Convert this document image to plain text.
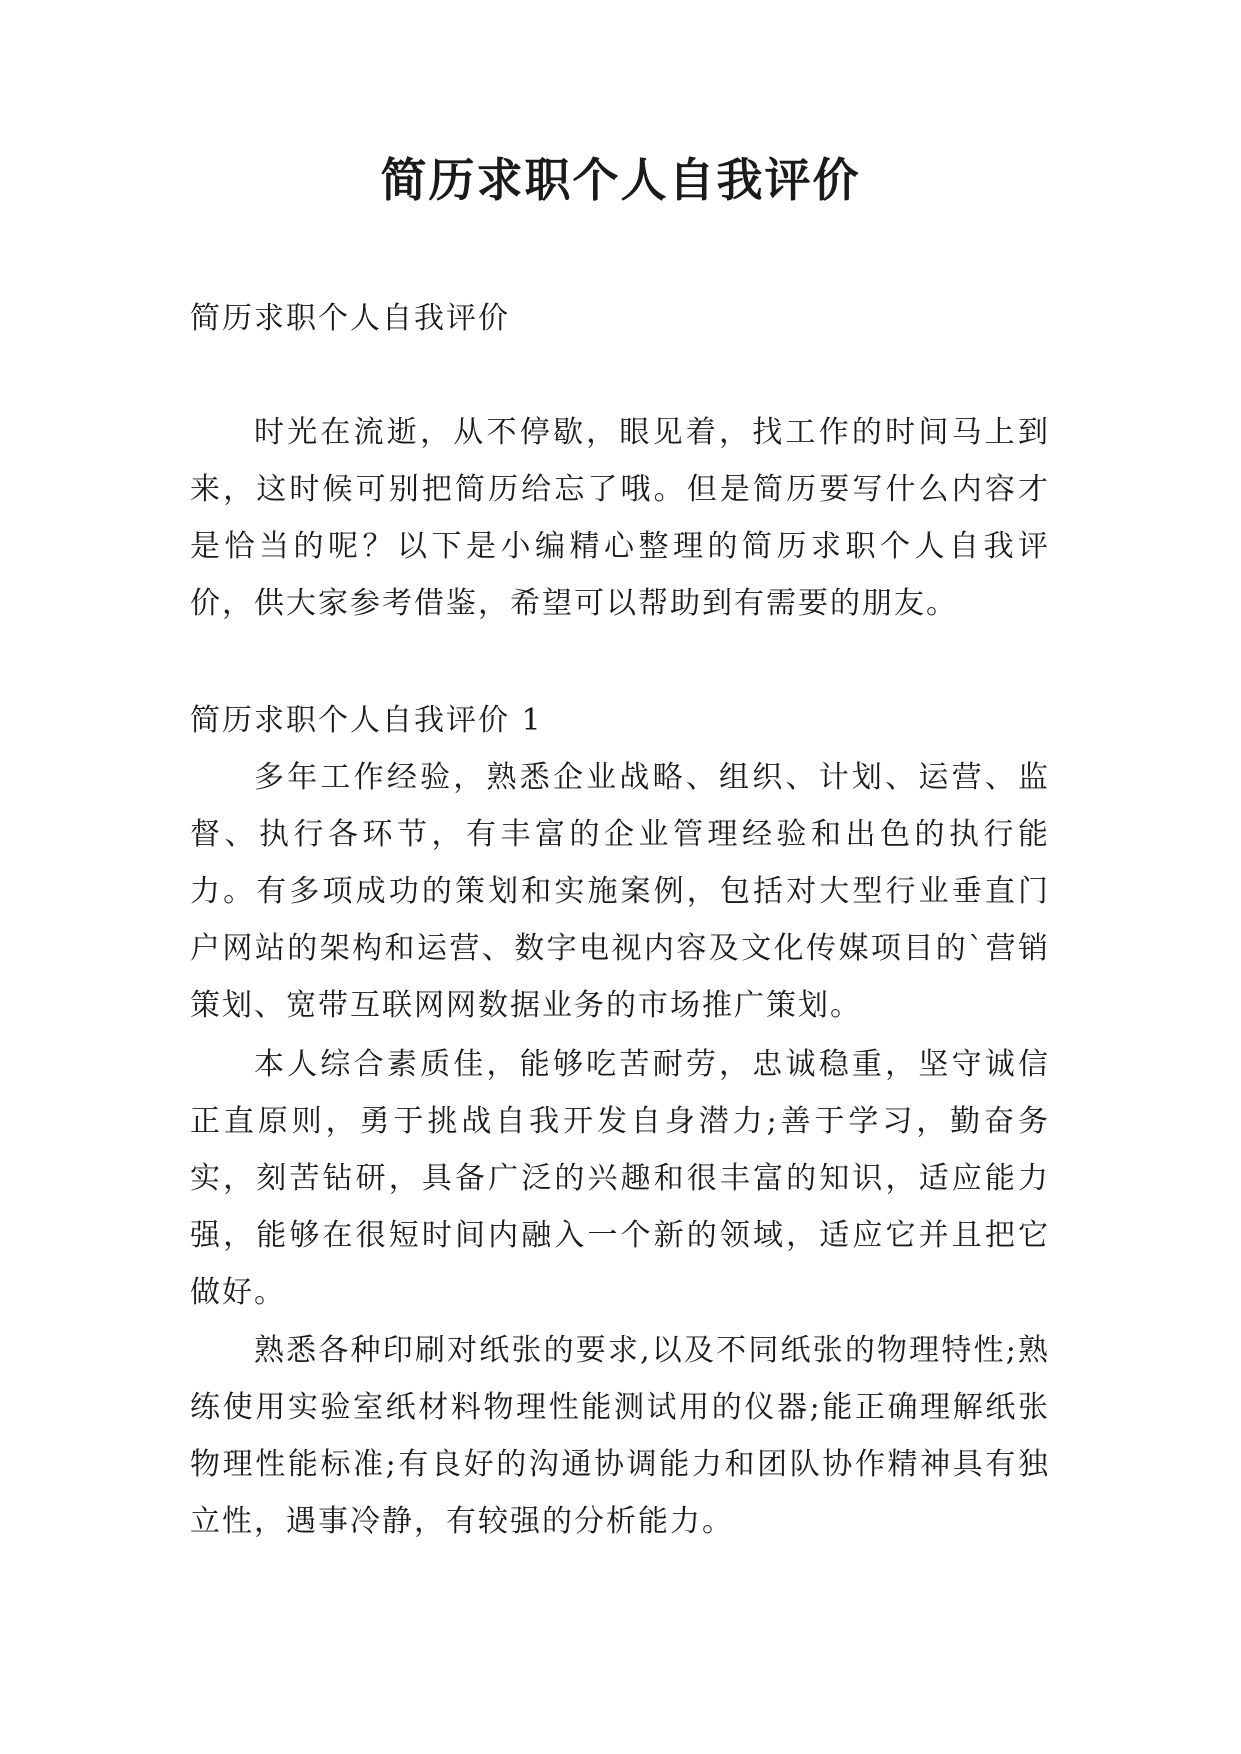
简历求职个人自我评价

简历求职个人自我评价

时光在流逝，从不停歇，眼见着，找工作的时间马上到来，这时候可别把简历给忘了哦。但是简历要写什么内容才是恰当的呢？以下是小编精心整理的简历求职个人自我评价，供大家参考借鉴，希望可以帮助到有需要的朋友。

简历求职个人自我评价 1

多年工作经验，熟悉企业战略、组织、计划、运营、监督、执行各环节，有丰富的企业管理经验和出色的执行能力。有多项成功的策划和实施案例，包括对大型行业垂直门户网站的架构和运营、数字电视内容及文化传媒项目的`营销策划、宽带互联网网数据业务的市场推广策划。

本人综合素质佳，能够吃苦耐劳，忠诚稳重，坚守诚信正直原则，勇于挑战自我开发自身潜力;善于学习，勤奋务实，刻苦钻研，具备广泛的兴趣和很丰富的知识，适应能力强，能够在很短时间内融入一个新的领域，适应它并且把它做好。

熟悉各种印刷对纸张的要求,以及不同纸张的物理特性;熟练使用实验室纸材料物理性能测试用的仪器;能正确理解纸张物理性能标准;有良好的沟通协调能力和团队协作精神具有独立性，遇事冷静，有较强的分析能力。
